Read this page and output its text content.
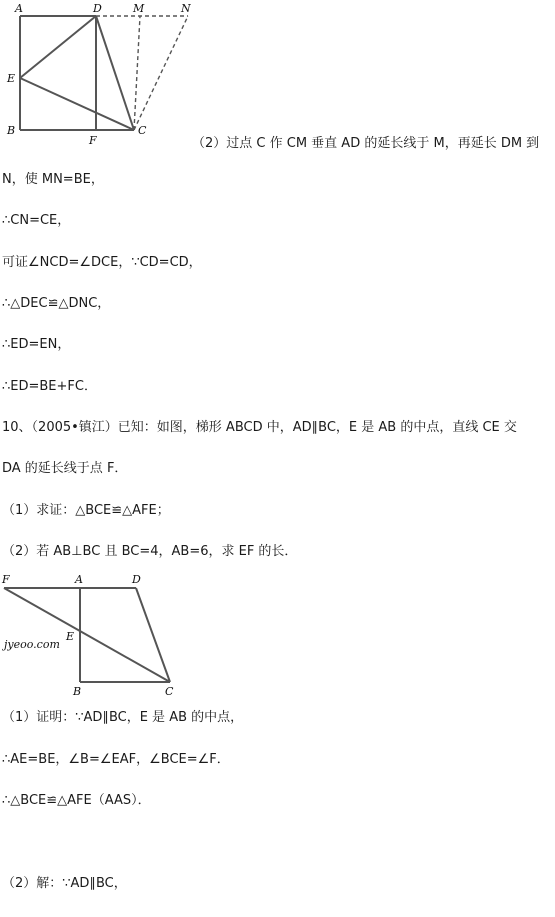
A	D	M	N
E
B
F
C
（2）过点 C 作 CM 垂直 AD 的延长线于 M，再延长 DM 到
N，使 MN=BE，
∴CN=CE，
可证∠NCD=∠DCE，∵CD=CD，
∴△DEC≌△DNC，
∴ED=EN，
∴ED=BE+FC．
10、（2005•镇江）已知：如图，梯形 ABCD 中，AD∥BC，E 是 AB 的中点，直线 CE 交
DA 的延长线于点 F．
（1）求证：△BCE≌△AFE；
（2）若 AB⊥BC 且 BC=4，AB=6，求 EF 的长．
jyeoo.com
F	A	D
E
B	C
（1）证明：∵AD∥BC，E 是 AB 的中点，
∴AE=BE，∠B=∠EAF，∠BCE=∠F．
∴△BCE≌△AFE（AAS）．
（2）解：∵AD∥BC，
